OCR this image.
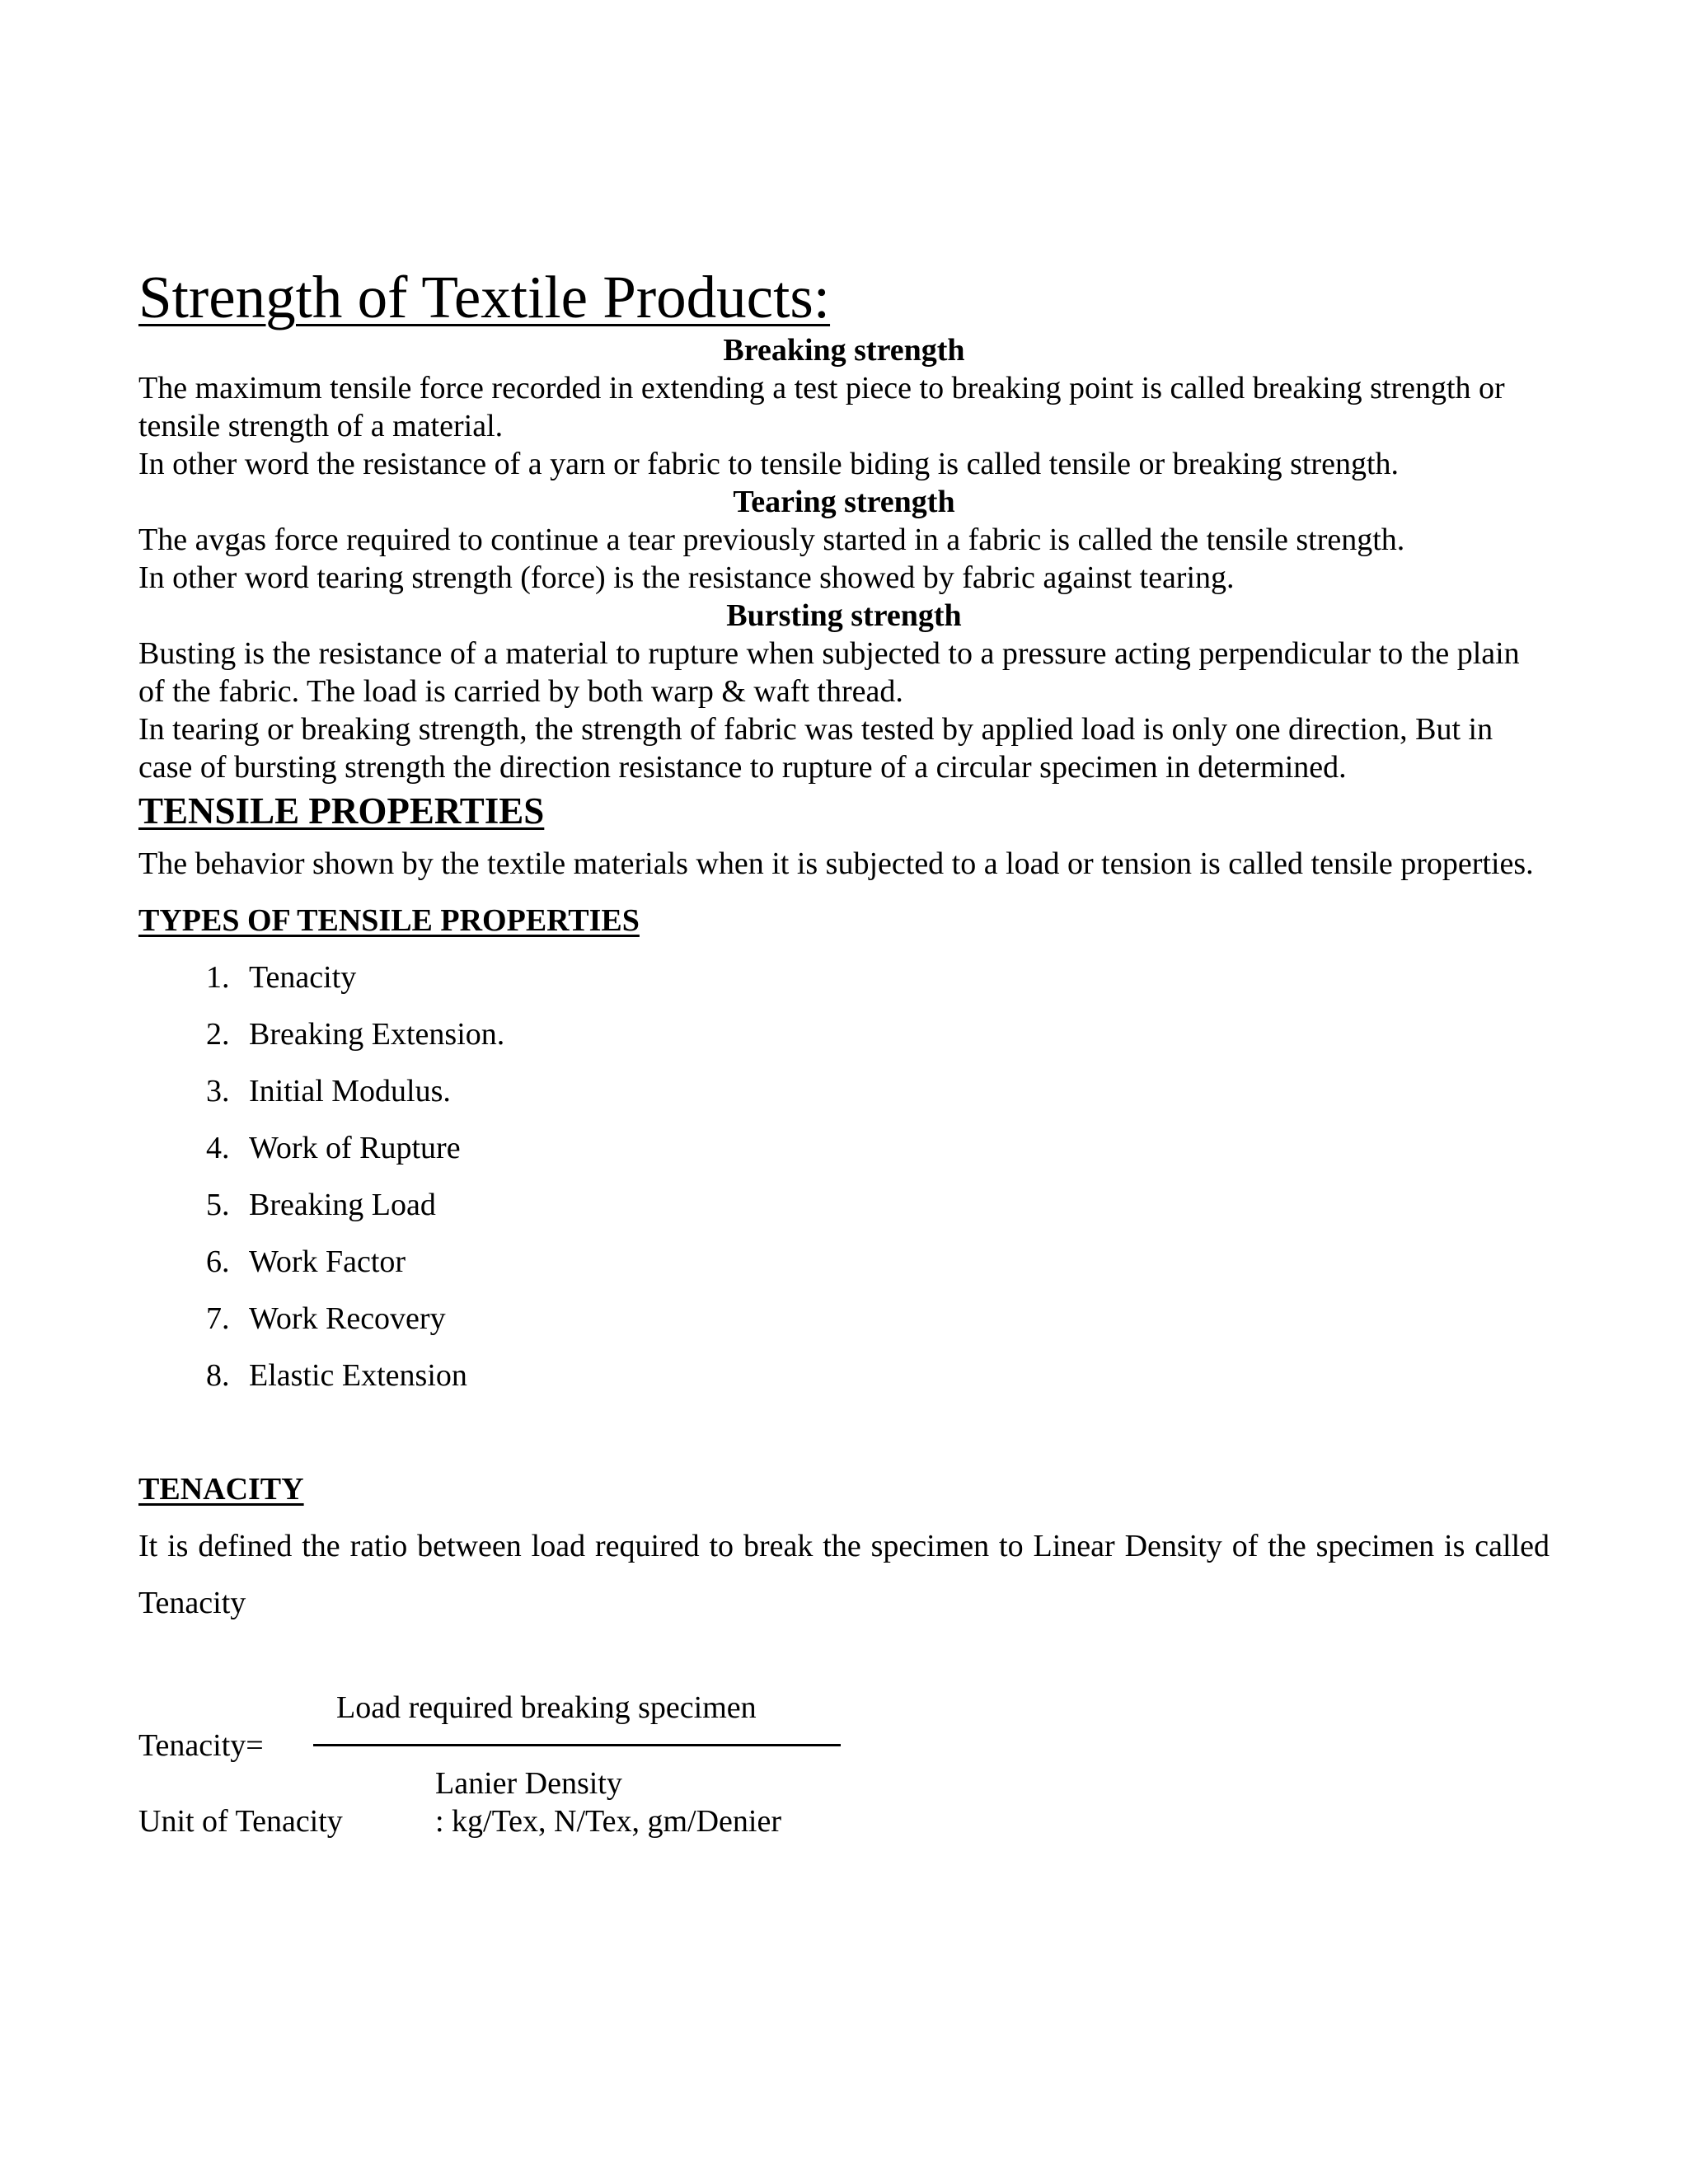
Strength of Textile Products:

Breaking strength

The maximum tensile force recorded in extending a test piece to breaking point is called breaking strength or tensile strength of a material.

In other word the resistance of a yarn or fabric to tensile biding is called tensile or breaking strength.

Tearing strength

The avgas force required to continue a tear previously started in a fabric is called the tensile strength.

In other word tearing strength (force) is the resistance showed by fabric against tearing.

Bursting strength

Busting is the resistance of a material to rupture when subjected to a pressure acting perpendicular to the plain of the fabric. The load is carried by both warp & waft thread.

In tearing or breaking strength, the strength of fabric was tested by applied load is only one direction, But in case of bursting strength the direction resistance to rupture of a circular specimen in determined.

TENSILE PROPERTIES

The behavior shown by the textile materials when it is subjected to a load or tension is called tensile properties.

TYPES OF TENSILE PROPERTIES

1. Tenacity
2. Breaking Extension.
3. Initial Modulus.
4. Work of Rupture
5. Breaking Load
6. Work Factor
7. Work Recovery
8. Elastic Extension

TENACITY

It is defined the ratio between load required to break the specimen to Linear Density of the specimen is called Tenacity

Load required breaking specimen
Tenacity=
Lanier Density
Unit of Tenacity	: kg/Tex, N/Tex, gm/Denier
